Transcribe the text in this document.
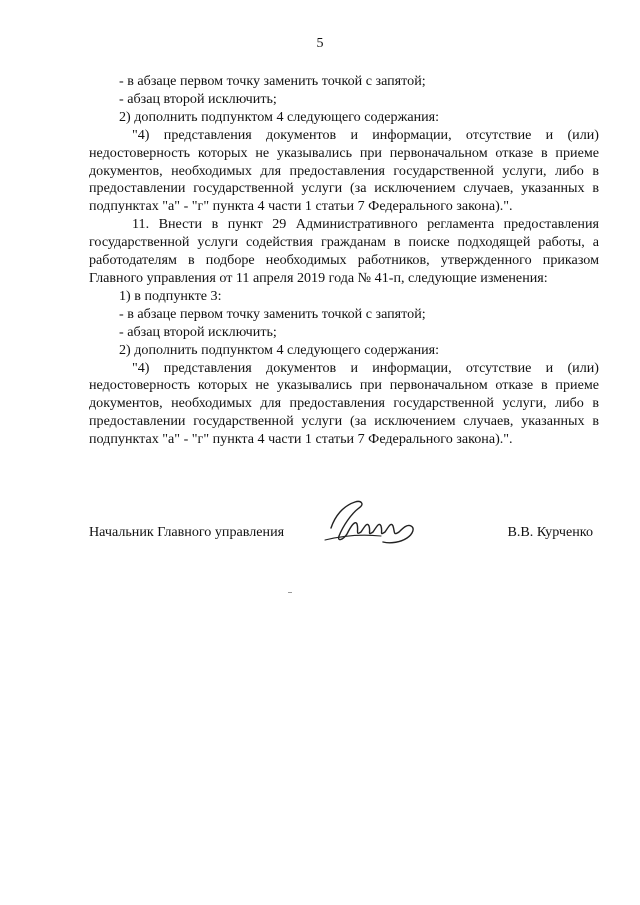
5

- в абзаце первом точку заменить точкой с запятой;

- абзац второй исключить;

2) дополнить подпунктом 4 следующего содержания:

"4) представления документов и информации, отсутствие и (или) недостоверность которых не указывались при первоначальном отказе в приеме документов, необходимых для предоставления государственной услуги, либо в предоставлении государственной услуги (за исключением случаев, указанных в подпунктах "а" - "г" пункта 4 части 1 статьи 7 Федерального закона).".

11. Внести в пункт 29 Административного регламента предоставления государственной услуги содействия гражданам в поиске подходящей работы, а работодателям в подборе необходимых работников, утвержденного приказом Главного управления от 11 апреля 2019 года № 41-п, следующие изменения:

1) в подпункте 3:

- в абзаце первом точку заменить точкой с запятой;

- абзац второй исключить;

2) дополнить подпунктом 4 следующего содержания:

"4) представления документов и информации, отсутствие и (или) недостоверность которых не указывались при первоначальном отказе в приеме документов, необходимых для предоставления государственной услуги, либо в предоставлении государственной услуги (за исключением случаев, указанных в подпунктах "а" - "г" пункта 4 части 1 статьи 7 Федерального закона).".

Начальник Главного управления	В.В. Курченко
